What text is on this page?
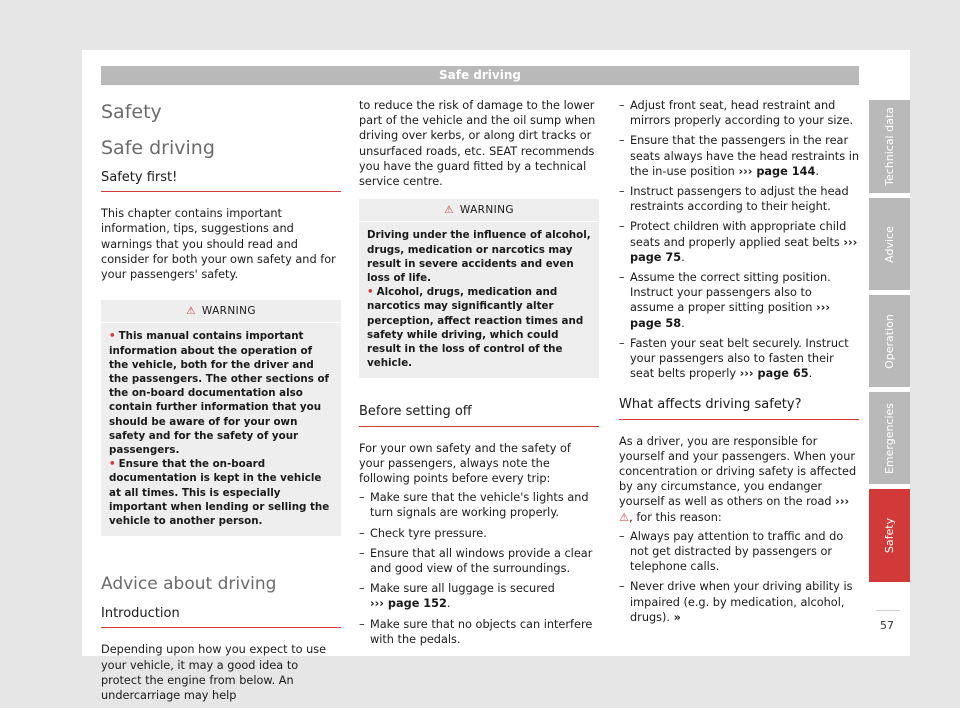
Safe driving
Safety
Safe driving
Safety first!

This chapter contains important information, tips, suggestions and warnings that you should read and consider for both your own safety and for your passengers' safety.

⚠ WARNING

• This manual contains important information about the operation of the vehicle, both for the driver and the passengers. The other sections of the on-board documentation also contain further information that you should be aware of for your own safety and for the safety of your passengers.

• Ensure that the on-board documentation is kept in the vehicle at all times. This is especially important when lending or selling the vehicle to another person.

Advice about driving
Introduction

Depending upon how you expect to use your vehicle, it may a good idea to protect the engine from below. An undercarriage may help

to reduce the risk of damage to the lower part of the vehicle and the oil sump when driving over kerbs, or along dirt tracks or unsurfaced roads, etc. SEAT recommends you have the guard fitted by a technical service centre.

⚠ WARNING

Driving under the influence of alcohol, drugs, medication or narcotics may result in severe accidents and even loss of life.

• Alcohol, drugs, medication and narcotics may significantly alter perception, affect reaction times and safety while driving, which could result in the loss of control of the vehicle.

Before setting off

For your own safety and the safety of your passengers, always note the following points before every trip:

– Make sure that the vehicle's lights and turn signals are working properly.
– Check tyre pressure.
– Ensure that all windows provide a clear and good view of the surroundings.
– Make sure all luggage is secured
››› page 152.
– Make sure that no objects can interfere with the pedals.
– Adjust front seat, head restraint and mirrors properly according to your size.
– Ensure that the passengers in the rear seats always have the head restraints in the in-use position ››› page 144.
– Instruct passengers to adjust the head restraints according to their height.
– Protect children with appropriate child seats and properly applied seat belts ››› page 75.
– Assume the correct sitting position. Instruct your passengers also to assume a proper sitting position ››› page 58.
– Fasten your seat belt securely. Instruct your passengers also to fasten their seat belts properly ››› page 65.
What affects driving safety?

As a driver, you are responsible for yourself and your passengers. When your concentration or driving safety is affected by any circumstance, you endanger yourself as well as others on the road ››› ⚠, for this reason:

– Always pay attention to traffic and do not get distracted by passengers or telephone calls.
– Never drive when your driving ability is impaired (e.g. by medication, alcohol, drugs). »
Technical data
Advice
Operation
Emergencies
Safety
57
